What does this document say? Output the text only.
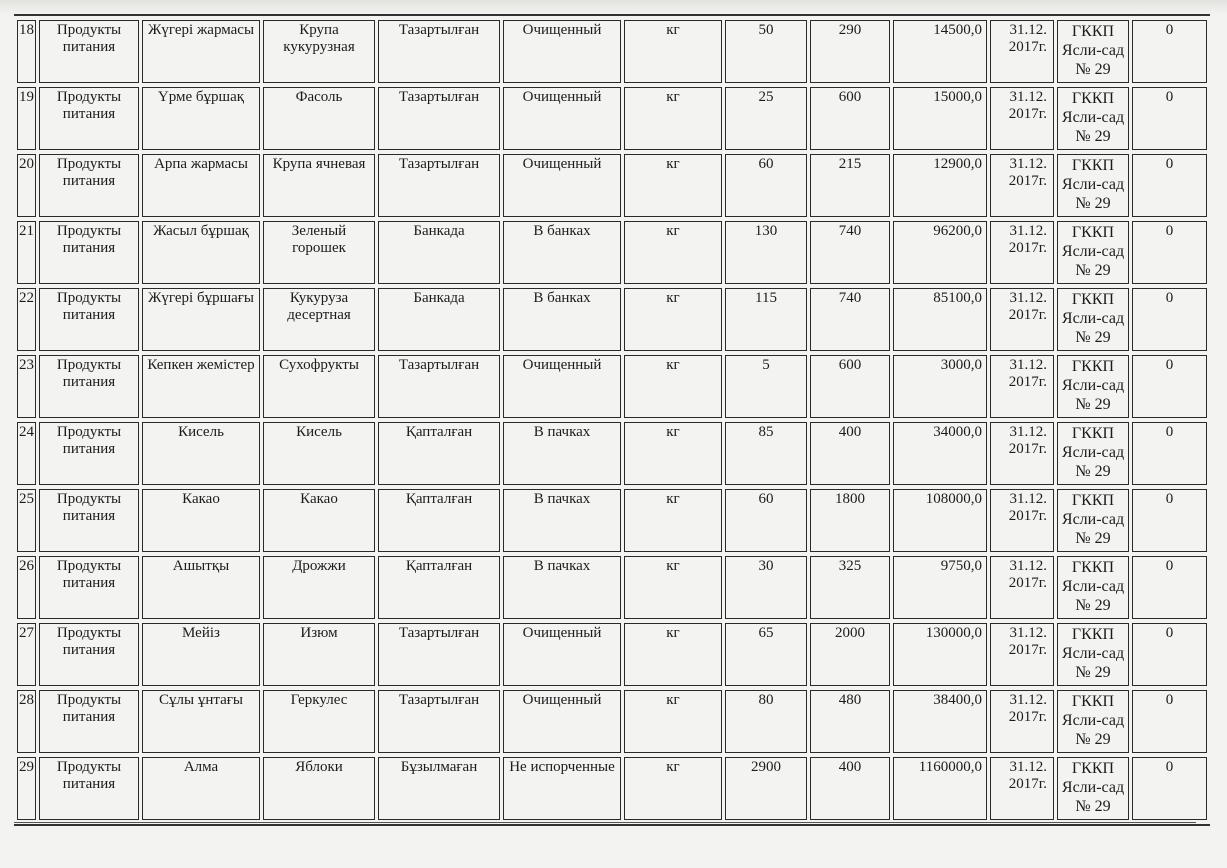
18	Продукты питания	Жүгері жармасы	Крупа кукурузная	Тазартылған	Очищенный	кг	50	290	14500,0	31.12. 2017г.	ГККП Ясли-сад № 29	0
19	Продукты питания	Үрме бұршақ	Фасоль	Тазартылған	Очищенный	кг	25	600	15000,0	31.12. 2017г.	ГККП Ясли-сад № 29	0
20	Продукты питания	Арпа жармасы	Крупа ячневая	Тазартылған	Очищенный	кг	60	215	12900,0	31.12. 2017г.	ГККП Ясли-сад № 29	0
21	Продукты питания	Жасыл бұршақ	Зеленый горошек	Банкада	В банках	кг	130	740	96200,0	31.12. 2017г.	ГККП Ясли-сад № 29	0
22	Продукты питания	Жүгері бұршағы	Кукуруза десертная	Банкада	В банках	кг	115	740	85100,0	31.12. 2017г.	ГККП Ясли-сад № 29	0
23	Продукты питания	Кепкен жемістер	Сухофрукты	Тазартылған	Очищенный	кг	5	600	3000,0	31.12. 2017г.	ГККП Ясли-сад № 29	0
24	Продукты питания	Кисель	Кисель	Қапталған	В пачках	кг	85	400	34000,0	31.12. 2017г.	ГККП Ясли-сад № 29	0
25	Продукты питания	Какао	Какао	Қапталған	В пачках	кг	60	1800	108000,0	31.12. 2017г.	ГККП Ясли-сад № 29	0
26	Продукты питания	Ашытқы	Дрожжи	Қапталған	В пачках	кг	30	325	9750,0	31.12. 2017г.	ГККП Ясли-сад № 29	0
27	Продукты питания	Мейіз	Изюм	Тазартылған	Очищенный	кг	65	2000	130000,0	31.12. 2017г.	ГККП Ясли-сад № 29	0
28	Продукты питания	Сұлы ұнтағы	Геркулес	Тазартылған	Очищенный	кг	80	480	38400,0	31.12. 2017г.	ГККП Ясли-сад № 29	0
29	Продукты питания	Алма	Яблоки	Бұзылмаған	Не испорченные	кг	2900	400	1160000,0	31.12. 2017г.	ГККП Ясли-сад № 29	0
